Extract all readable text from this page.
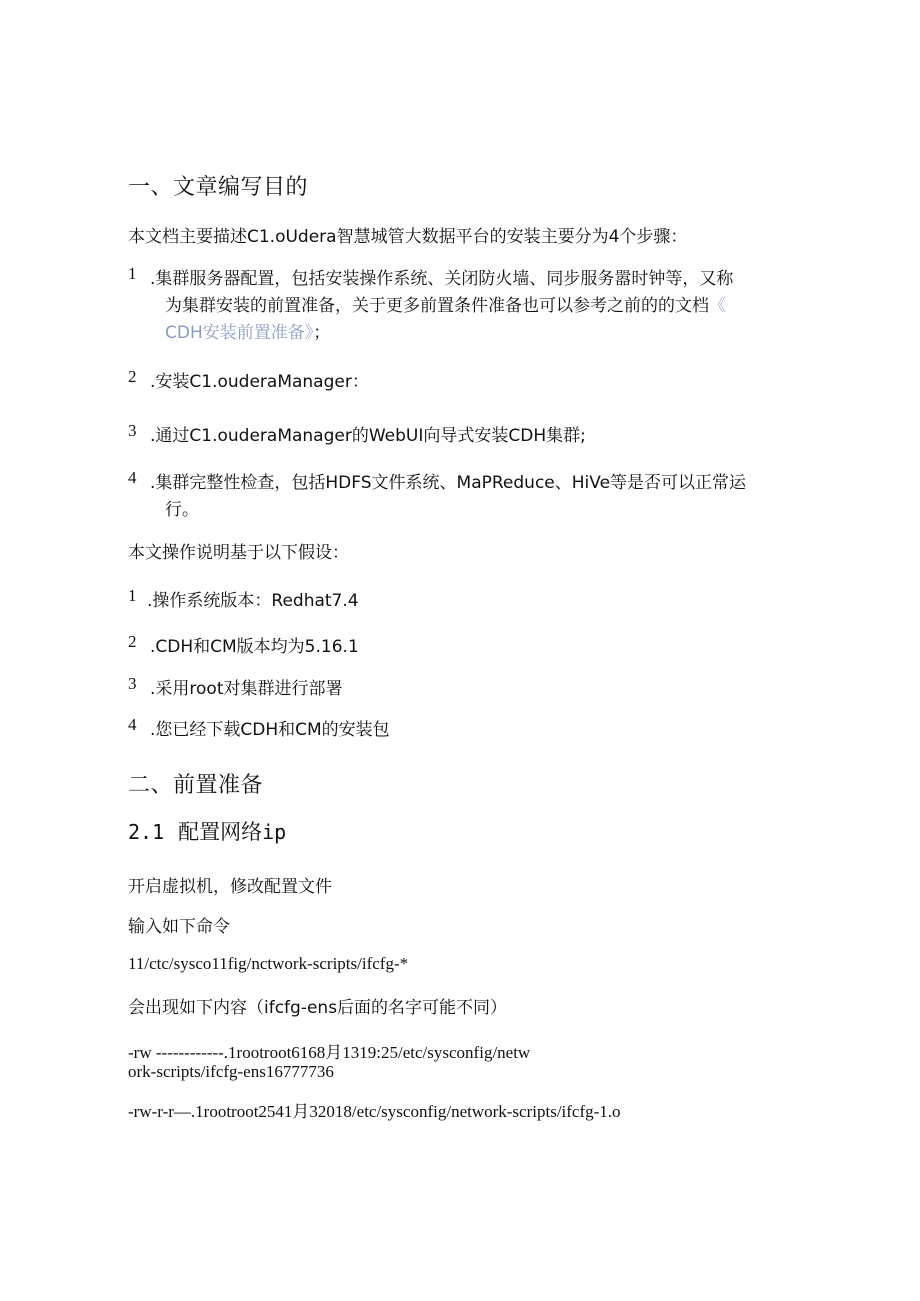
一、文章编写目的
本文档主要描述C1.oUdera智慧城管大数据平台的安装主要分为4个步骤：
1 .集群服务器配置，包括安装操作系统、关闭防火墙、同步服务嚣时钟等，又称
为集群安装的前置准备，关于更多前置条件准备也可以参考之前的的文档《
CDH安装前置准备》；
2 .安装C1.ouderaManager：
3 .通过C1.ouderaManager的WebUI向导式安装CDH集群;
4 .集群完整性检查，包括HDFS文件系统、MaPReduce、HiVe等是否可以正常运
行。
本文操作说明基于以下假设：
1 .操作系统版本：Redhat7.4
2 .CDH和CM版本均为5.16.1
3 .采用root对集群进行部署
4 .您已经下载CDH和CM的安装包
二、前置准备
2.1 配置网络ip
开启虚拟机，修改配置文件
输入如下命令
11/ctc/sysco11fig/nctwork-scripts/ifcfg-*
会出现如下内容（ifcfg-ens后面的名字可能不同）
-rw ------------.1rootroot6168月1319:25/etc/sysconfig/netw
ork-scripts/ifcfg-ens16777736
-rw-r-r—.1rootroot2541月32018/etc/sysconfig/network-scripts/ifcfg-1.o
